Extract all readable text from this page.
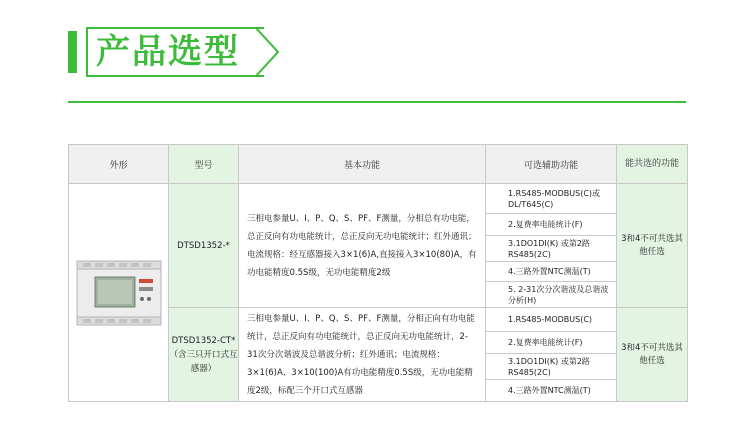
产品选型
外形	型号	基本功能	可选辅助功能	能共选的功能

	DTSD1352-*	三相电参量U、I、P、Q、S、PF、F测量，分相总有功电能，总正反向有功电能统计，总正反向无功电能统计；红外通讯；电流规格：经互感器接入3×1(6)A,直接接入3×10(80)A，有功电能精度0.5S级，无功电能精度2级	1.RS485-MODBUS(C)或DL/T645(C)	3和4不可共选其他任选
			2.复费率电能统计(F)	
			3.1DO1DI(K) 或第2路RS485(2C)	
			4.三路外置NTC测温(T)	
			5. 2-31次分次谐波及总谐波分析(H)	
	DTSD1352-CT*（含三只开口式互感器）	三相电参量U、I、P、Q、S、PF、F测量，分相正向有功电能统计，总正反向有功电能统计，总正反向无功电能统计，2-31次分次谐波及总谐波分析；红外通讯；电流规格：3×1(6)A、3×10(100)A有功电能精度0.5S级，无功电能精度2级，标配三个开口式互感器	1.RS485-MODBUS(C)	3和4不可共选其他任选
			2.复费率电能统计(F)	
			3.1DO1DI(K) 或第2路RS485(2C)	
			4.三路外置NTC测温(T)	
